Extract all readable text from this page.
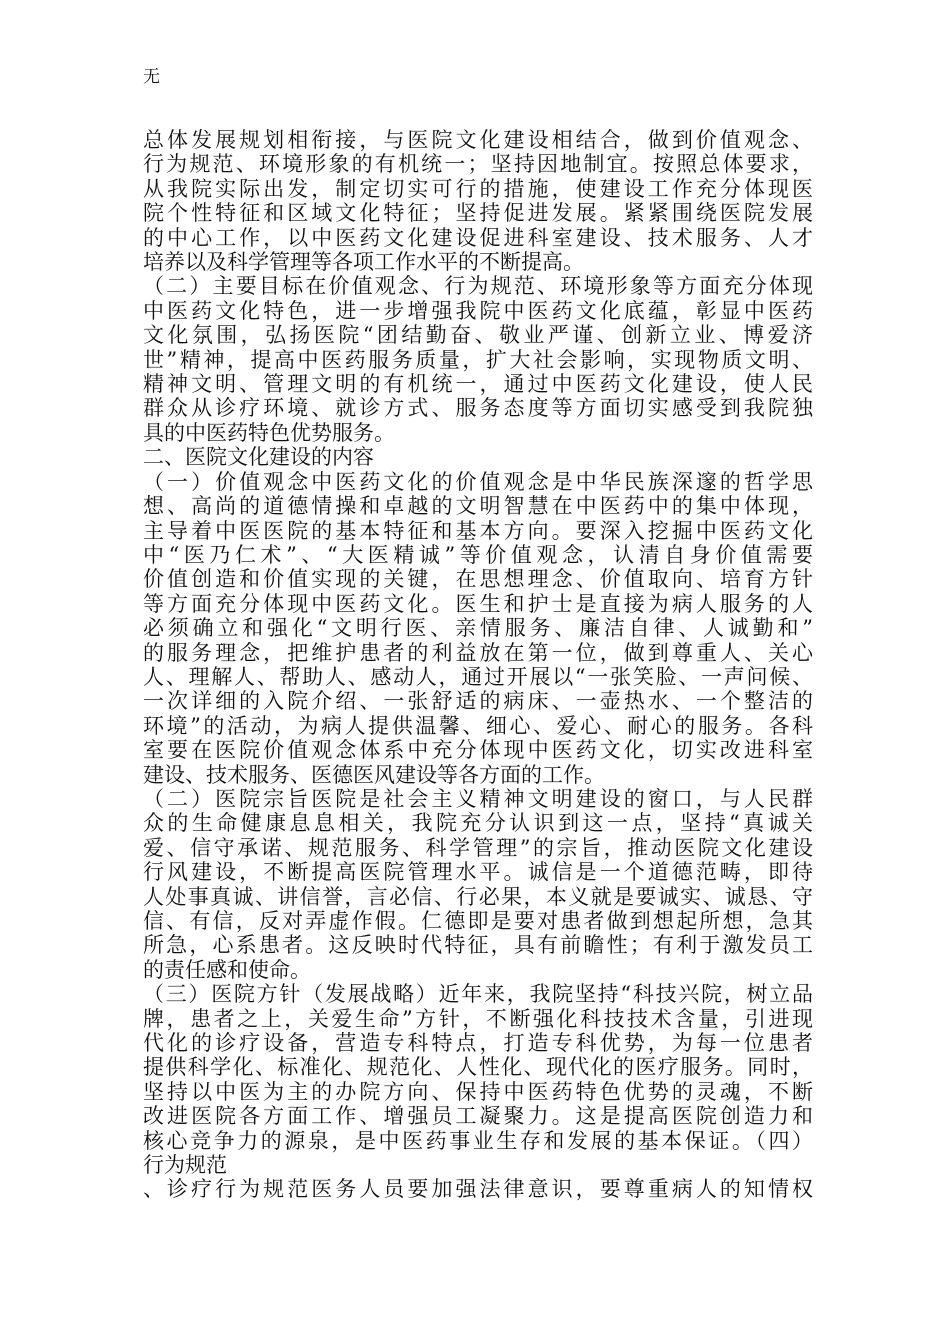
无
总体发展规划相衔接，与医院文化建设相结合，做到价值观念、
行为规范、环境形象的有机统一；坚持因地制宜。按照总体要求，
从我院实际出发，制定切实可行的措施，使建设工作充分体现医
院个性特征和区域文化特征；坚持促进发展。紧紧围绕医院发展
的中心工作，以中医药文化建设促进科室建设、技术服务、人才
培养以及科学管理等各项工作水平的不断提高。
（二）主要目标在价值观念、行为规范、环境形象等方面充分体现
中医药文化特色，进一步增强我院中医药文化底蕴，彰显中医药
文化氛围，弘扬医院“团结勤奋、敬业严谨、创新立业、博爱济
世”精神，提高中医药服务质量，扩大社会影响，实现物质文明、
精神文明、管理文明的有机统一，通过中医药文化建设，使人民
群众从诊疗环境、就诊方式、服务态度等方面切实感受到我院独
具的中医药特色优势服务。
二、医院文化建设的内容
（一）价值观念中医药文化的价值观念是中华民族深邃的哲学思
想、高尚的道德情操和卓越的文明智慧在中医药中的集中体现，
主导着中医医院的基本特征和基本方向。要深入挖掘中医药文化
中“医乃仁术”、“大医精诚”等价值观念，认清自身价值需要
价值创造和价值实现的关键，在思想理念、价值取向、培育方针
等方面充分体现中医药文化。医生和护士是直接为病人服务的人
必须确立和强化“文明行医、亲情服务、廉洁自律、人诚勤和”
的服务理念，把维护患者的利益放在第一位，做到尊重人、关心
人、理解人、帮助人、感动人，通过开展以“一张笑脸、一声问候、
一次详细的入院介绍、一张舒适的病床、一壶热水、一个整洁的
环境”的活动，为病人提供温馨、细心、爱心、耐心的服务。各科
室要在医院价值观念体系中充分体现中医药文化，切实改进科室
建设、技术服务、医德医风建设等各方面的工作。
（二）医院宗旨医院是社会主义精神文明建设的窗口，与人民群
众的生命健康息息相关，我院充分认识到这一点，坚持“真诚关
爱、信守承诺、规范服务、科学管理”的宗旨，推动医院文化建设
行风建设，不断提高医院管理水平。诚信是一个道德范畴，即待
人处事真诚、讲信誉，言必信、行必果，本义就是要诚实、诚恳、守
信、有信，反对弄虚作假。仁德即是要对患者做到想起所想，急其
所急，心系患者。这反映时代特征，具有前瞻性；有利于激发员工
的责任感和使命。
（三）医院方针（发展战略）近年来，我院坚持“科技兴院，树立品
牌，患者之上，关爱生命”方针，不断强化科技技术含量，引进现
代化的诊疗设备，营造专科特点，打造专科优势，为每一位患者
提供科学化、标准化、规范化、人性化、现代化的医疗服务。同时，
坚持以中医为主的办院方向、保持中医药特色优势的灵魂，不断
改进医院各方面工作、增强员工凝聚力。这是提高医院创造力和
核心竞争力的源泉，是中医药事业生存和发展的基本保证。（四）
行为规范
、诊疗行为规范医务人员要加强法律意识，要尊重病人的知情权
